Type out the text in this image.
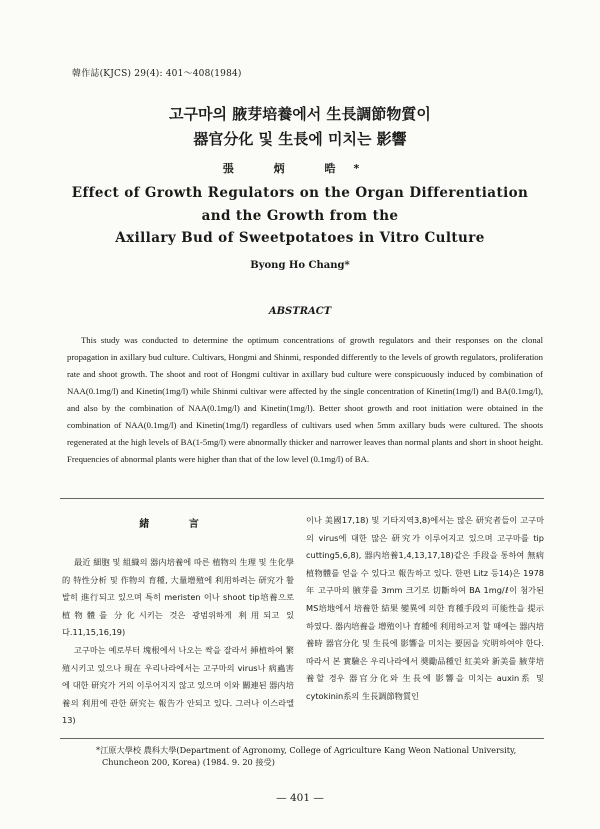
韓作誌(KJCS) 29(4): 401～408(1984)
고구마의 腋芽培養에서 生長調節物質이
器官分化 및 生長에 미치는 影響
張 炳 晧*
Effect of Growth Regulators on the Organ Differentiation
and the Growth from the
Axillary Bud of Sweetpotatoes in Vitro Culture
Byong Ho Chang*
ABSTRACT

This study was conducted to determine the optimum concentrations of growth regulators and their responses on the clonal propagation in axillary bud culture. Cultivars, Hongmi and Shinmi, responded differently to the levels of growth regulators, proliferation rate and shoot growth. The shoot and root of Hongmi cultivar in axillary bud culture were conspicuously induced by combination of NAA(0.1mg/l) and Kinetin(1mg/l) while Shinmi cultivar were affected by the single concentration of Kinetin(1mg/l) and BA(0.1mg/l), and also by the combination of NAA(0.1mg/l) and Kinetin(1mg/l). Better shoot growth and root initiation were obtained in the combination of NAA(0.1mg/l) and Kinetin(1mg/l) regardless of cultivars used when 5mm axillary buds were cultured. The shoots regenerated at the high levels of BA(1-5mg/l) were abnormally thicker and narrower leaves than normal plants and short in shoot height. Frequencies of abnormal plants were higher than that of the low level (0.1mg/l) of BA.

緒 言

最近 細胞 및 組織의 器内培養에 따른 植物의 生理 및 生化學的 特性分析 및 作物의 育種, 大量增殖에 利用하려는 研究가 활발히 進行되고 있으며 특히 meristen 이나 shoot tip培養으로 植物體를 分化시키는 것은 광범위하게 利用되고 있다.11,15,16,19)

고구마는 예로부터 塊根에서 나오는 싹을 잘라서 挿植하여 繁殖시키고 있으나 現在 우리나라에서는 고구마의 virus나 病蟲害에 대한 研究가 거의 이루어지지 않고 있으며 이와 關連된 器内培養의 利用에 관한 研究는 報告가 안되고 있다. 그러나 이스라엘13)

이나 美國17,18) 및 기타지역3,8)에서는 많은 研究者들이 고구마의 virus에 대한 많은 研究가 이루어지고 있으며 고구마를 tip cutting5,6,8), 器内培養1,4,13,17,18)같은 手段을 통하여 無病植物體를 얻을 수 있다고 報告하고 있다. 한편 Litz 등14)은 1978年 고구마의 腋芽를 3mm 크기로 切斷하여 BA 1mg/ℓ이 첨가된 MS培地에서 培養한 結果 變異에 의한 育種手段의 可能性을 提示하였다. 器内培養을 增殖이나 育種에 利用하고저 할 때에는 器内培養時 器官分化 및 生長에 影響을 미치는 要因을 究明하여야 한다. 따라서 본 實驗은 우리나라에서 奬勵品種인 紅美와 新美를 腋芽培養할 경우 器官分化와 生長에 影響을 미치는 auxin系 및 cytokinin系의 生長調節物質인

*江原大學校 農科大學(Department of Agronomy, College of Agriculture Kang Weon National University,
Chuncheon 200, Korea) (1984. 9. 20 接受)
— 401 —
